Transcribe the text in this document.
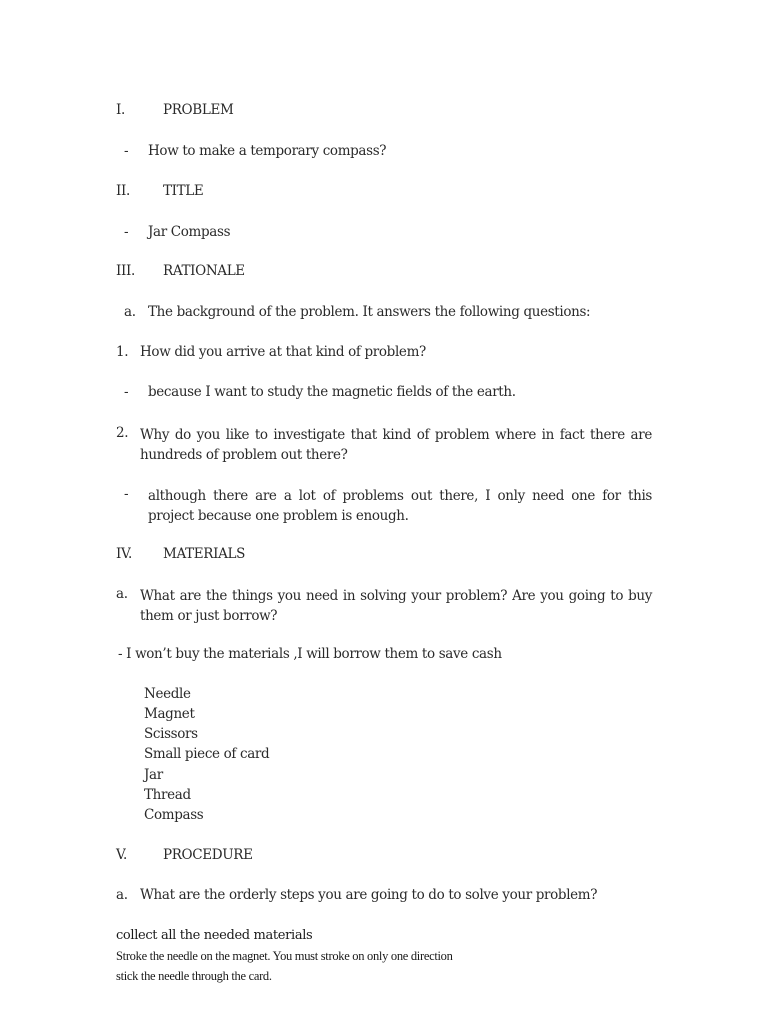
I.	PROBLEM
- How to make a temporary compass?
II. TITLE
- Jar Compass
III. RATIONALE
a. The background of the problem. It answers the following questions:
1. How did you arrive at that kind of problem?
- because I want to study the magnetic fields of the earth.
2. Why do you like to investigate that kind of problem where in fact there are hundreds of problem out there?
- although there are a lot of problems out there, I only need one for this project because one problem is enough.
IV. MATERIALS
a. What are the things you need in solving your problem? Are you going to buy them or just borrow?
- I won’t buy the materials ,I will borrow them to save cash
Needle
Magnet
Scissors
Small piece of card
Jar
Thread
Compass
V.	PROCEDURE
a. What are the orderly steps you are going to do to solve your problem?
collect all the needed materials
Stroke the needle on the magnet. You must stroke on only one direction
stick the needle through the card.
